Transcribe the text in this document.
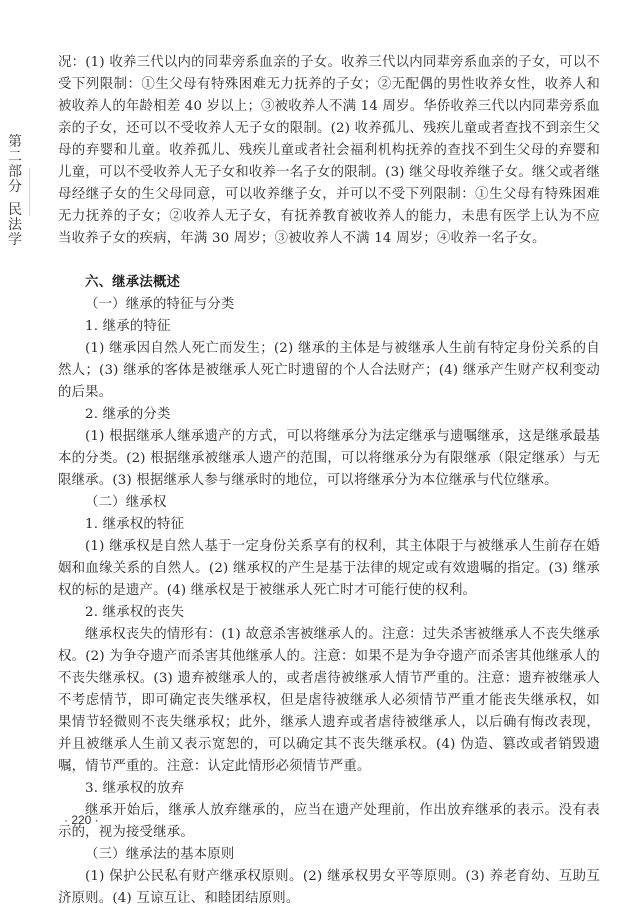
第二部分
民法学

况：(1) 收养三代以内的同辈旁系血亲的子女。收养三代以内同辈旁系血亲的子女，可以不受下列限制：①生父母有特殊困难无力抚养的子女；②无配偶的男性收养女性，收养人和被收养人的年龄相差 40 岁以上；③被收养人不满 14 周岁。华侨收养三代以内同辈旁系血亲的子女，还可以不受收养人无子女的限制。(2) 收养孤儿、残疾儿童或者查找不到亲生父母的弃婴和儿童。收养孤儿、残疾儿童或者社会福利机构抚养的查找不到生父母的弃婴和儿童，可以不受收养人无子女和收养一名子女的限制。(3) 继父母收养继子女。继父或者继母经继子女的生父母同意，可以收养继子女，并可以不受下列限制：①生父母有特殊困难无力抚养的子女；②收养人无子女，有抚养教育被收养人的能力，未患有医学上认为不应当收养子女的疾病，年满 30 周岁；③被收养人不满 14 周岁；④收养一名子女。

六、继承法概述

（一）继承的特征与分类

1. 继承的特征

(1) 继承因自然人死亡而发生；(2) 继承的主体是与被继承人生前有特定身份关系的自然人；(3) 继承的客体是被继承人死亡时遗留的个人合法财产；(4) 继承产生财产权利变动的后果。

2. 继承的分类

(1) 根据继承人继承遗产的方式，可以将继承分为法定继承与遗嘱继承，这是继承最基本的分类。(2) 根据继承被继承人遗产的范围，可以将继承分为有限继承（限定继承）与无限继承。(3) 根据继承人参与继承时的地位，可以将继承分为本位继承与代位继承。

（二）继承权

1. 继承权的特征

(1) 继承权是自然人基于一定身份关系享有的权利，其主体限于与被继承人生前存在婚姻和血缘关系的自然人。(2) 继承权的产生是基于法律的规定或有效遗嘱的指定。(3) 继承权的标的是遗产。(4) 继承权是于被继承人死亡时才可能行使的权利。

2. 继承权的丧失

继承权丧失的情形有：(1) 故意杀害被继承人的。注意：过失杀害被继承人不丧失继承权。(2) 为争夺遗产而杀害其他继承人的。注意：如果不是为争夺遗产而杀害其他继承人的不丧失继承权。(3) 遗弃被继承人的，或者虐待被继承人情节严重的。注意：遗弃被继承人不考虑情节，即可确定丧失继承权，但是虐待被继承人必须情节严重才能丧失继承权，如果情节轻微则不丧失继承权；此外，继承人遗弃或者虐待被继承人，以后确有悔改表现，并且被继承人生前又表示宽恕的，可以确定其不丧失继承权。(4) 伪造、篡改或者销毁遗嘱，情节严重的。注意：认定此情形必须情节严重。

3. 继承权的放弃

继承开始后，继承人放弃继承的，应当在遗产处理前，作出放弃继承的表示。没有表示的，视为接受继承。

（三）继承法的基本原则

(1) 保护公民私有财产继承权原则。(2) 继承权男女平等原则。(3) 养老育幼、互助互济原则。(4) 互谅互让、和睦团结原则。

· 220 ·
